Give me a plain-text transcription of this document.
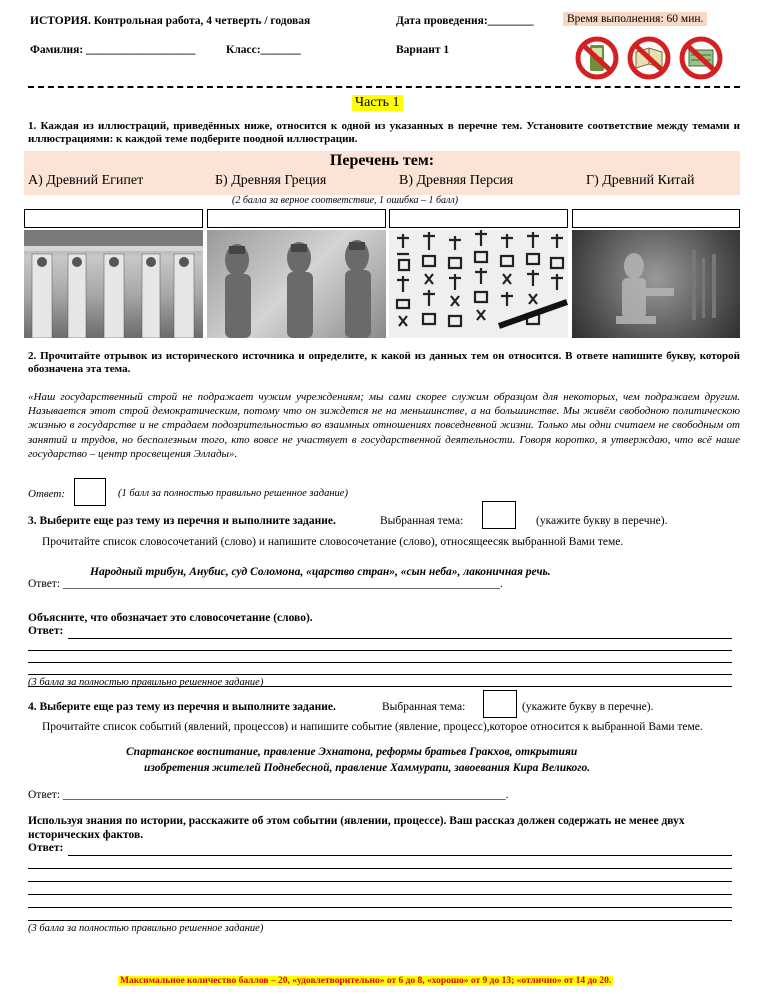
ИСТОРИЯ. Контрольная работа, 4 четверть / годовая	Дата проведения:________	Время выполнения: 60 мин.
Фамилия: ___________________	Класс:_______	Вариант 1
Часть 1
1. Каждая из иллюстраций, приведённых ниже, относится к одной из указанных в перечне тем. Установите соответствие между темами и иллюстрациями: к каждой теме подберите поодной иллюстрации.
Перечень тем:
А) Древний Египет	Б) Древняя Греция	В) Древняя Персия	Г) Древний Китай
(2 балла за верное соответствие, 1 ошибка – 1 балл)
2. Прочитайте отрывок из исторического источника и определите, к какой из данных тем он относится. В ответе напишите букву, которой обозначена эта тема.
«Наш государственный строй не подражает чужим учреждениям; мы сами скорее служим образцом для некоторых, чем подражаем другим. Называется этот строй демократическим, потому что он зиждется не на меньшинстве, а на большинстве. Мы живём свободною политическою жизнью в государстве и не страдаем подозрительностью во взаимных отношениях повседневной жизни. Только мы одни считаем не свободным от занятий и трудов, но бесполезным того, кто вовсе не участвует в государственной деятельности. Говоря коротко, я утверждаю, что всё наше государство – центр просвещения Эллады».
Ответ:	(1 балл за полностью правильно решенное задание)
3. Выберите еще раз тему из перечня и выполните задание.	Выбранная тема:	(укажите букву в перечне).
Прочитайте список словосочетаний (слово) и напишите словосочетание (слово), относящеесяк выбранной Вами теме.
Народный трибун, Анубис, суд Соломона, «царство стран», «сын неба», лаконичная речь.
Ответ: ____________________________________________________________________________.
Объясните, что обозначает это словосочетание (слово).
Ответ:
(3 балла за полностью правильно решенное задание)
4. Выберите еще раз тему из перечня и выполните задание.	Выбранная тема:	(укажите букву в перечне).
Прочитайте список событий (явлений, процессов) и напишите событие (явление, процесс),которое относится к выбранной Вами теме.
Спартанское воспитание, правление Эхнатона, реформы братьев Гракхов, открытияи
изобретения жителей Поднебесной, правление Хаммурапи, завоевания Кира Великого.
Ответ: _____________________________________________________________________________.
Используя знания по истории, расскажите об этом событии (явлении, процессе). Ваш рассказ должен содержать не менее двух исторических фактов.
Ответ:
(3 балла за полностью правильно решенное задание)
Максимальное количество баллов – 20, «удовлетворительно» от 6 до 8, «хорошо» от 9 до 13; «отлично» от 14 до 20.
